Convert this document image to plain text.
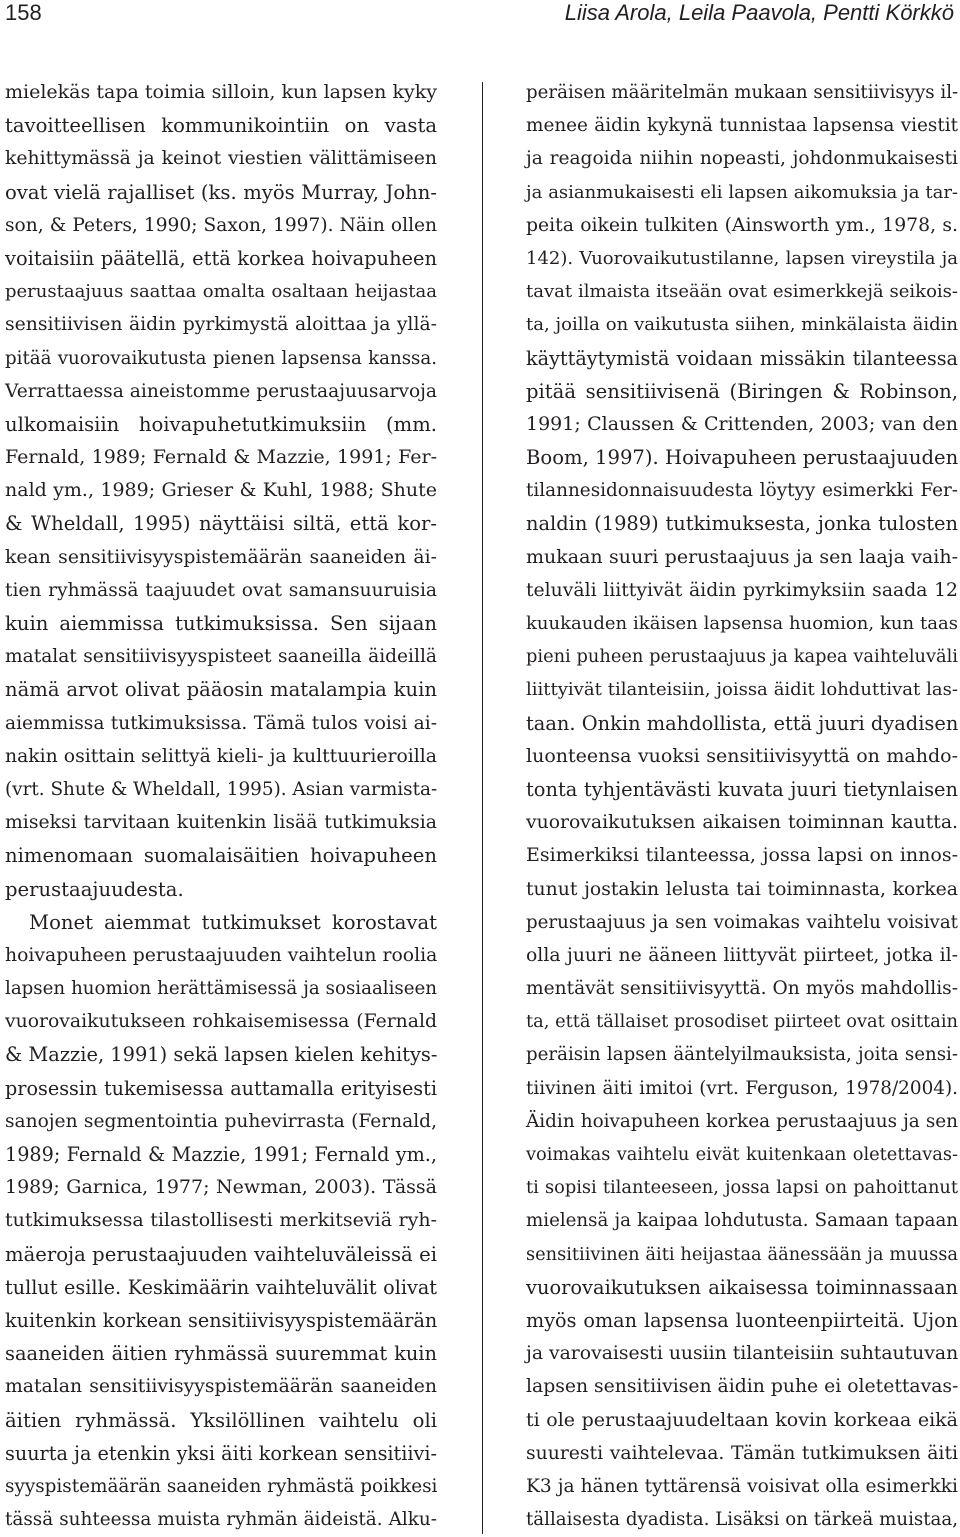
158	Liisa Arola, Leila Paavola, Pentti Körkkö
mielekäs tapa toimia silloin, kun lapsen kyky
tavoitteellisen kommunikointiin on vasta
kehittymässä ja keinot viestien välittämiseen
ovat vielä rajalliset (ks. myös Murray, John-
son, & Peters, 1990; Saxon, 1997). Näin ollen
voitaisiin päätellä, että korkea hoivapuheen
perustaajuus saattaa omalta osaltaan heijastaa
sensitiivisen äidin pyrkimystä aloittaa ja yllä-
pitää vuorovaikutusta pienen lapsensa kanssa.
Verrattaessa aineistomme perustaajuusarvoja
ulkomaisiin hoivapuhetutkimuksiin (mm.
Fernald, 1989; Fernald & Mazzie, 1991; Fer-
nald ym., 1989; Grieser & Kuhl, 1988; Shute
& Wheldall, 1995) näyttäisi siltä, että kor-
kean sensitiivisyyspistemäärän saaneiden äi-
tien ryhmässä taajuudet ovat samansuuruisia
kuin aiemmissa tutkimuksissa. Sen sijaan
matalat sensitiivisyyspisteet saaneilla äideillä
nämä arvot olivat pääosin matalampia kuin
aiemmissa tutkimuksissa. Tämä tulos voisi ai-
nakin osittain selittyä kieli- ja kulttuurieroilla
(vrt. Shute & Wheldall, 1995). Asian varmista-
miseksi tarvitaan kuitenkin lisää tutkimuksia
nimenomaan suomalaisäitien hoivapuheen
perustaajuudesta.
Monet aiemmat tutkimukset korostavat
hoivapuheen perustaajuuden vaihtelun roolia
lapsen huomion herättämisessä ja sosiaaliseen
vuorovaikutukseen rohkaisemisessa (Fernald
& Mazzie, 1991) sekä lapsen kielen kehitys-
prosessin tukemisessa auttamalla erityisesti
sanojen segmentointia puhevirrasta (Fernald,
1989; Fernald & Mazzie, 1991; Fernald ym.,
1989; Garnica, 1977; Newman, 2003). Tässä
tutkimuksessa tilastollisesti merkitseviä ryh-
mäeroja perustaajuuden vaihteluväleissä ei
tullut esille. Keskimäärin vaihteluvälit olivat
kuitenkin korkean sensitiivisyyspistemäärän
saaneiden äitien ryhmässä suuremmat kuin
matalan sensitiivisyyspistemäärän saaneiden
äitien ryhmässä. Yksilöllinen vaihtelu oli
suurta ja etenkin yksi äiti korkean sensitiivi-
syyspistemäärän saaneiden ryhmästä poikkesi
tässä suhteessa muista ryhmän äideistä. Alku-
peräisen määritelmän mukaan sensitiivisyys il-
menee äidin kykynä tunnistaa lapsensa viestit
ja reagoida niihin nopeasti, johdonmukaisesti
ja asianmukaisesti eli lapsen aikomuksia ja tar-
peita oikein tulkiten (Ainsworth ym., 1978, s.
142). Vuorovaikutustilanne, lapsen vireystila ja
tavat ilmaista itseään ovat esimerkkejä seikois-
ta, joilla on vaikutusta siihen, minkälaista äidin
käyttäytymistä voidaan missäkin tilanteessa
pitää sensitiivisenä (Biringen & Robinson,
1991; Claussen & Crittenden, 2003; van den
Boom, 1997). Hoivapuheen perustaajuuden
tilannesidonnaisuudesta löytyy esimerkki Fer-
naldin (1989) tutkimuksesta, jonka tulosten
mukaan suuri perustaajuus ja sen laaja vaih-
teluväli liittyivät äidin pyrkimyksiin saada 12
kuukauden ikäisen lapsensa huomion, kun taas
pieni puheen perustaajuus ja kapea vaihteluväli
liittyivät tilanteisiin, joissa äidit lohduttivat las-
taan. Onkin mahdollista, että juuri dyadisen
luonteensa vuoksi sensitiivisyyttä on mahdo-
tonta tyhjentävästi kuvata juuri tietynlaisen
vuorovaikutuksen aikaisen toiminnan kautta.
Esimerkiksi tilanteessa, jossa lapsi on innos-
tunut jostakin lelusta tai toiminnasta, korkea
perustaajuus ja sen voimakas vaihtelu voisivat
olla juuri ne ääneen liittyvät piirteet, jotka il-
mentävät sensitiivisyyttä. On myös mahdollis-
ta, että tällaiset prosodiset piirteet ovat osittain
peräisin lapsen ääntelyilmauksista, joita sensi-
tiivinen äiti imitoi (vrt. Ferguson, 1978/2004).
Äidin hoivapuheen korkea perustaajuus ja sen
voimakas vaihtelu eivät kuitenkaan oletettavas-
ti sopisi tilanteeseen, jossa lapsi on pahoittanut
mielensä ja kaipaa lohdutusta. Samaan tapaan
sensitiivinen äiti heijastaa äänessään ja muussa
vuorovaikutuksen aikaisessa toiminnassaan
myös oman lapsensa luonteenpiirteitä. Ujon
ja varovaisesti uusiin tilanteisiin suhtautuvan
lapsen sensitiivisen äidin puhe ei oletettavas-
ti ole perustaajuudeltaan kovin korkeaa eikä
suuresti vaihtelevaa. Tämän tutkimuksen äiti
K3 ja hänen tyttärensä voisivat olla esimerkki
tällaisesta dyadista. Lisäksi on tärkeä muistaa,
